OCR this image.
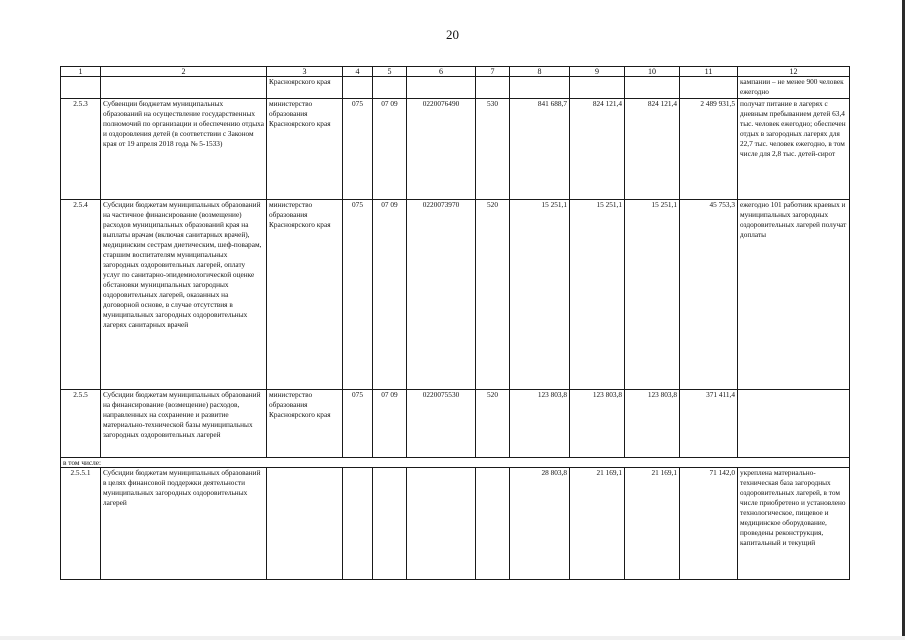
20
1	2	3	4	5	6	7	8	9	10	11	12
		Красноярского края									кампании – не менее 900 человек ежегодно
2.5.3	Субвенции бюджетам муниципальных образований на осуществление государственных полномочий по организации и обеспечению отдыха и оздоровления детей (в соответствии с Законом края от 19 апреля 2018 года № 5-1533)	министерство образования Красноярского края	075	07 09	0220076490	530	841 688,7	824 121,4	824 121,4	2 489 931,5	получат питание в лагерях с дневным пребыванием детей 63,4 тыс. человек ежегодно; обеспечен отдых в загородных лагерях для 22,7 тыс. человек ежегодно, в том числе для 2,8 тыс. детей-сирот
2.5.4	Субсидии бюджетам муниципальных образований на частичное финансирование (возмещение) расходов муниципальных образований края на выплаты врачам (включая санитарных врачей), медицинским сестрам диетическим, шеф-поварам, старшим воспитателям муниципальных загородных оздоровительных лагерей, оплату услуг по санитарно-эпидемиологической оценке обстановки муниципальных загородных оздоровительных лагерей, оказанных на договорной основе, в случае отсутствия в муниципальных загородных оздоровительных лагерях санитарных врачей	министерство образования Красноярского края	075	07 09	0220073970	520	15 251,1	15 251,1	15 251,1	45 753,3	ежегодно 101 работник краевых и муниципальных загородных оздоровительных лагерей получат доплаты
2.5.5	Субсидии бюджетам муниципальных образований на финансирование (возмещение) расходов, направленных на сохранение и развитие материально-технической базы муниципальных загородных оздоровительных лагерей	министерство образования Красноярского края	075	07 09	0220075530	520	123 803,8	123 803,8	123 803,8	371 411,4	
в том числе:											
2.5.5.1	Субсидии бюджетам муниципальных образований в целях финансовой поддержки деятельности муниципальных загородных оздоровительных лагерей						28 803,8	21 169,1	21 169,1	71 142,0	укреплена материально-техническая база загородных оздоровительных лагерей, в том числе приобретено и установлено технологическое, пищевое и медицинское оборудование, проведены реконструкция, капитальный и текущий
